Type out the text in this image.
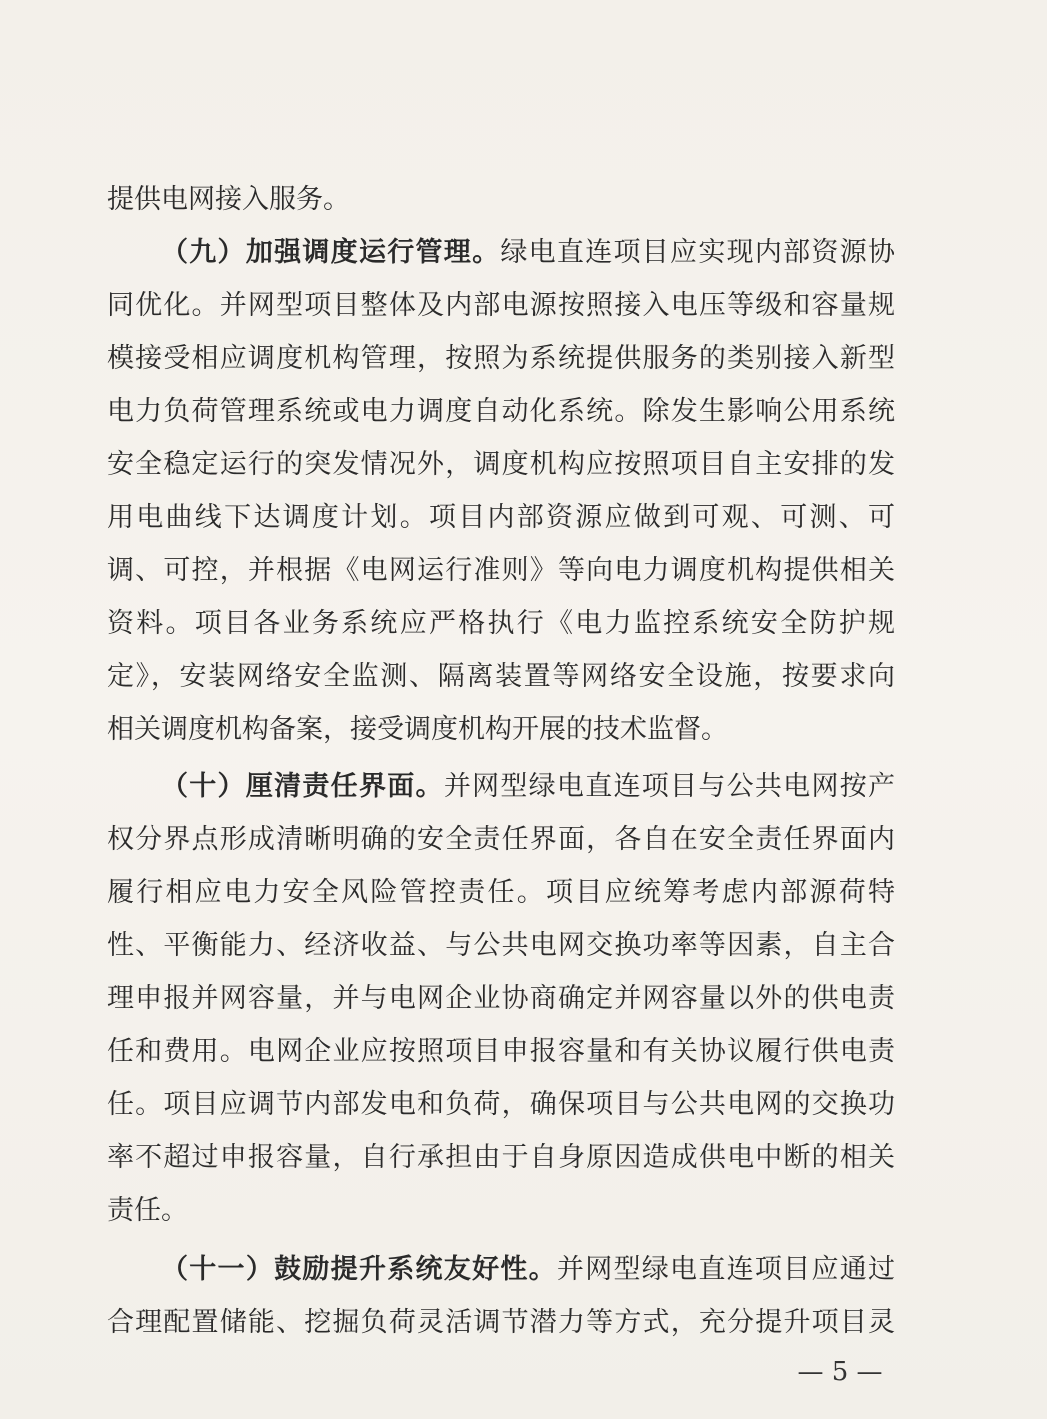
提供电网接入服务。
（九）加强调度运行管理。绿电直连项目应实现内部资源协
同优化。并网型项目整体及内部电源按照接入电压等级和容量规
模接受相应调度机构管理，按照为系统提供服务的类别接入新型
电力负荷管理系统或电力调度自动化系统。除发生影响公用系统
安全稳定运行的突发情况外，调度机构应按照项目自主安排的发
用电曲线下达调度计划。项目内部资源应做到可观、可测、可
调、可控，并根据《电网运行准则》等向电力调度机构提供相关
资料。项目各业务系统应严格执行《电力监控系统安全防护规
定》，安装网络安全监测、隔离装置等网络安全设施，按要求向
相关调度机构备案，接受调度机构开展的技术监督。
（十）厘清责任界面。并网型绿电直连项目与公共电网按产
权分界点形成清晰明确的安全责任界面，各自在安全责任界面内
履行相应电力安全风险管控责任。项目应统筹考虑内部源荷特
性、平衡能力、经济收益、与公共电网交换功率等因素，自主合
理申报并网容量，并与电网企业协商确定并网容量以外的供电责
任和费用。电网企业应按照项目申报容量和有关协议履行供电责
任。项目应调节内部发电和负荷，确保项目与公共电网的交换功
率不超过申报容量，自行承担由于自身原因造成供电中断的相关
责任。
（十一）鼓励提升系统友好性。并网型绿电直连项目应通过
合理配置储能、挖掘负荷灵活调节潜力等方式，充分提升项目灵
— 5 —
